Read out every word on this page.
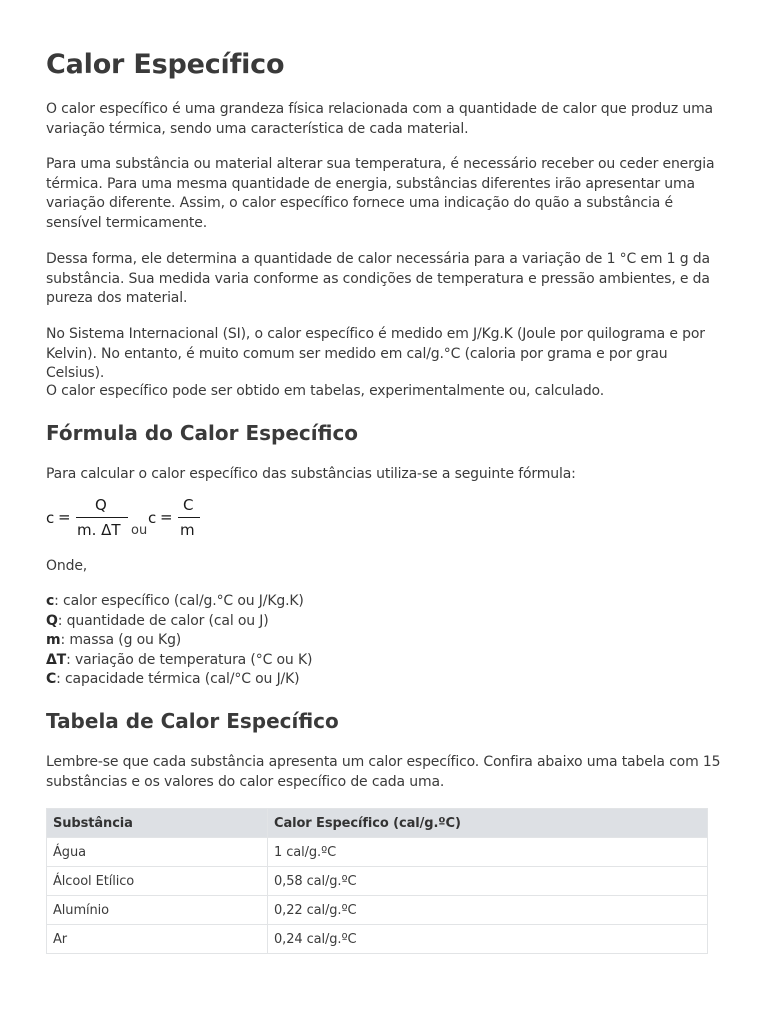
Calor Específico

O calor específico é uma grandeza física relacionada com a quantidade de calor que produz uma variação térmica, sendo uma característica de cada material.

Para uma substância ou material alterar sua temperatura, é necessário receber ou ceder energia térmica. Para uma mesma quantidade de energia, substâncias diferentes irão apresentar uma variação diferente. Assim, o calor específico fornece uma indicação do quão a substância é sensível termicamente.

Dessa forma, ele determina a quantidade de calor necessária para a variação de 1 °C em 1 g da substância. Sua medida varia conforme as condições de temperatura e pressão ambientes, e da pureza dos material.

No Sistema Internacional (SI), o calor específico é medido em J/Kg.K (Joule por quilograma e por Kelvin). No entanto, é muito comum ser medido em cal/g.°C (caloria por grama e por grau Celsius).

O calor específico pode ser obtido em tabelas, experimentalmente ou, calculado.

Fórmula do Calor Específico

Para calcular o calor específico das substâncias utiliza-se a seguinte fórmula:

c =
Q
m. ΔT ou
c =
C
m

Onde,

c: calor específico (cal/g.°C ou J/Kg.K)
Q: quantidade de calor (cal ou J)
m: massa (g ou Kg)
ΔT: variação de temperatura (°C ou K)
C: capacidade térmica (cal/°C ou J/K)
Tabela de Calor Específico

Lembre-se que cada substância apresenta um calor específico. Confira abaixo uma tabela com 15 substâncias e os valores do calor específico de cada uma.

Substância	Calor Específico (cal/g.ºC)
Água	1 cal/g.ºC
Álcool Etílico	0,58 cal/g.ºC
Alumínio	0,22 cal/g.ºC
Ar	0,24 cal/g.ºC
